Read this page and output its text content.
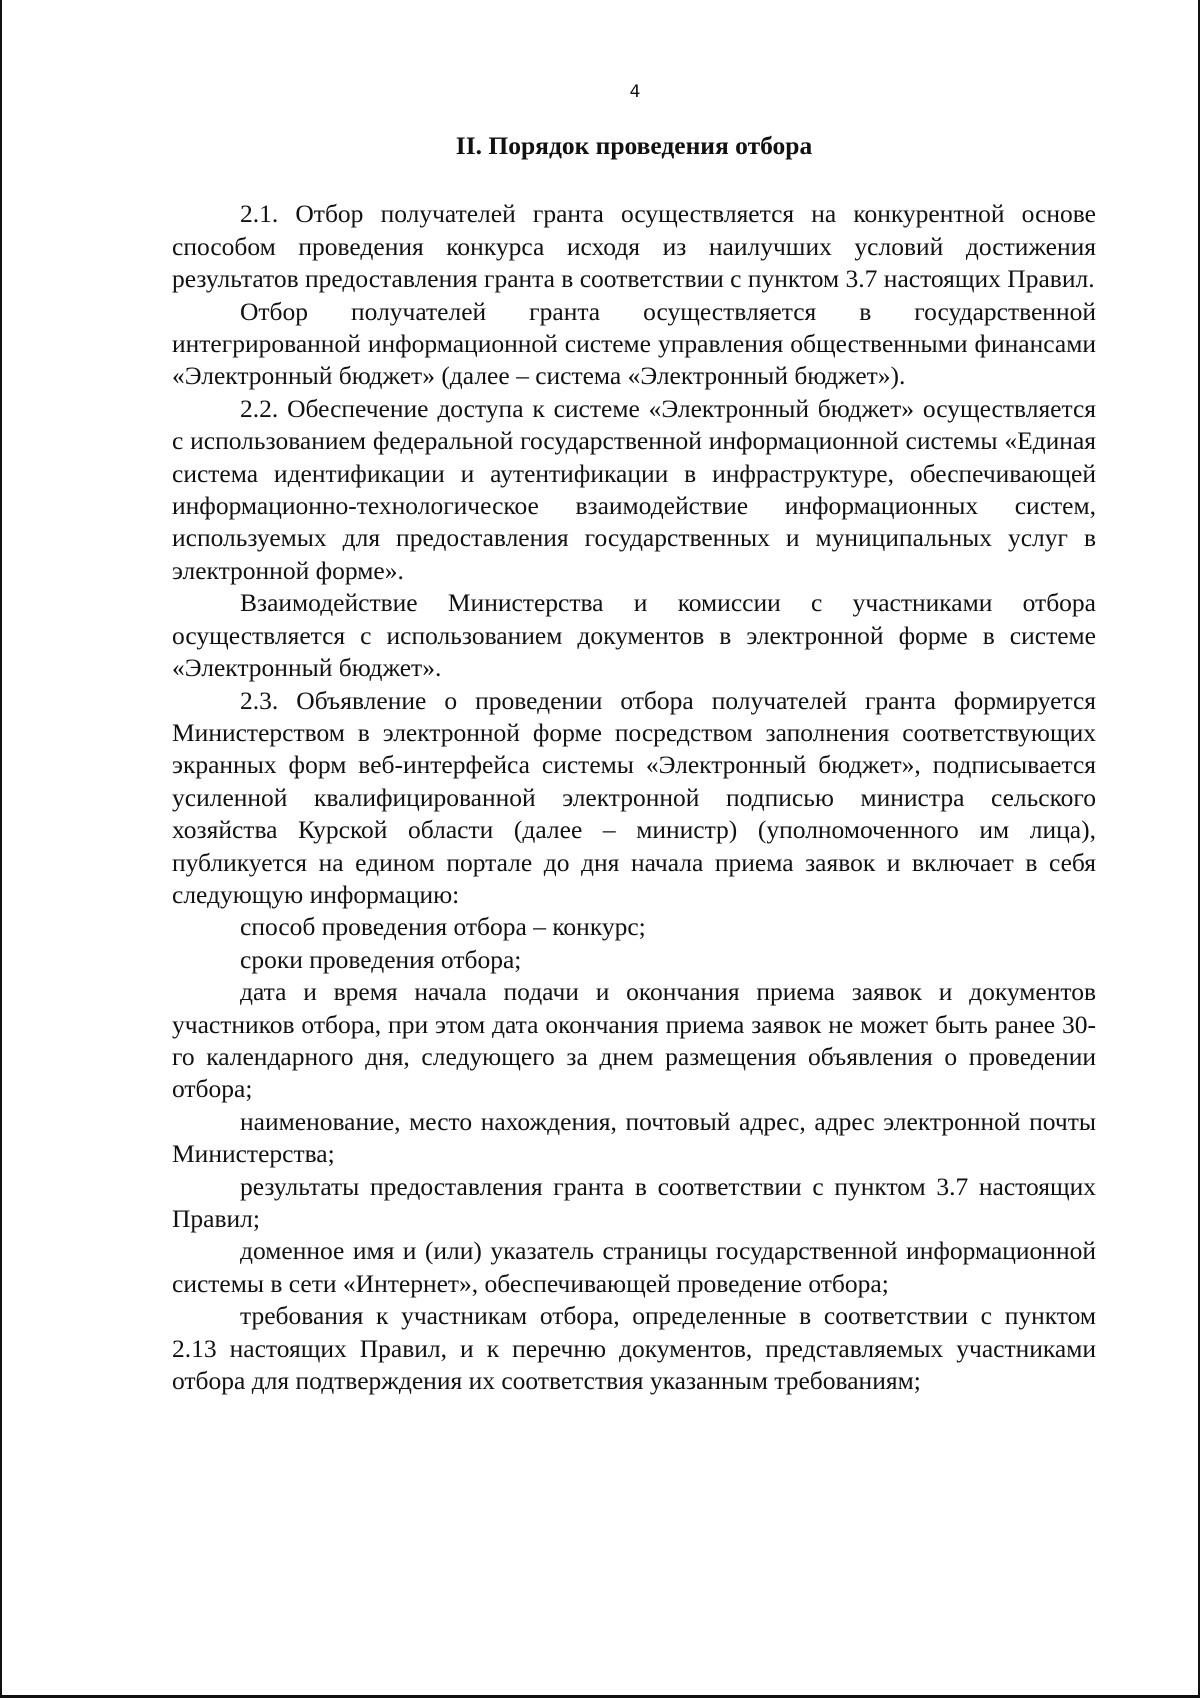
4
II. Порядок проведения отбора

2.1. Отбор получателей гранта осуществляется на конкурентной основе способом проведения конкурса исходя из наилучших условий достижения результатов предоставления гранта в соответствии с пунктом 3.7 настоящих Правил.

Отбор получателей гранта осуществляется в государственной интегрированной информационной системе управления общественными финансами «Электронный бюджет» (далее – система «Электронный бюджет»).

2.2. Обеспечение доступа к системе «Электронный бюджет» осуществляется с использованием федеральной государственной информационной системы «Единая система идентификации и аутентификации в инфраструктуре, обеспечивающей информационно-технологическое взаимодействие информационных систем, используемых для предоставления государственных и муниципальных услуг в электронной форме».

Взаимодействие Министерства и комиссии с участниками отбора осуществляется с использованием документов в электронной форме в системе «Электронный бюджет».

2.3. Объявление о проведении отбора получателей гранта формируется Министерством в электронной форме посредством заполнения соответствующих экранных форм веб-интерфейса системы «Электронный бюджет», подписывается усиленной квалифицированной электронной подписью министра сельского хозяйства Курской области (далее – министр) (уполномоченного им лица), публикуется на едином портале до дня начала приема заявок и включает в себя следующую информацию:

способ проведения отбора – конкурс;

сроки проведения отбора;

дата и время начала подачи и окончания приема заявок и документов участников отбора, при этом дата окончания приема заявок не может быть ранее 30-го календарного дня, следующего за днем размещения объявления о проведении отбора;

наименование, место нахождения, почтовый адрес, адрес электронной почты Министерства;

результаты предоставления гранта в соответствии с пунктом 3.7 настоящих Правил;

доменное имя и (или) указатель страницы государственной информационной системы в сети «Интернет», обеспечивающей проведение отбора;

требования к участникам отбора, определенные в соответствии с пунктом 2.13 настоящих Правил, и к перечню документов, представляемых участниками отбора для подтверждения их соответствия указанным требованиям;
